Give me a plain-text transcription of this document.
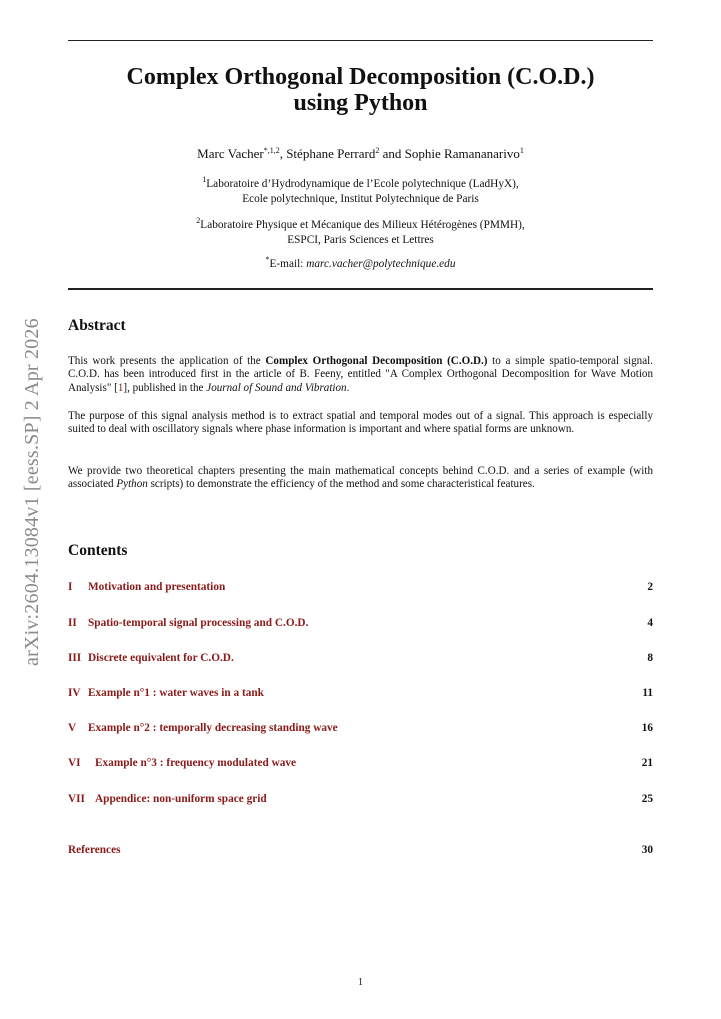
arXiv:2604.13084v1 [eess.SP] 2 Apr 2026
Complex Orthogonal Decomposition (C.O.D.)
using Python
Marc Vacher$^{*,1,2}$, Stéphane Perrard$^2$ and Sophie Ramananarivo$^1$
$^1$Laboratoire d’Hydrodynamique de l’Ecole polytechnique (LadHyX),
Ecole polytechnique, Institut Polytechnique de Paris
$^2$Laboratoire Physique et Mécanique des Milieux Hétérogènes (PMMH),
ESPCI, Paris Sciences et Lettres
*E-mail: marc.vacher@polytechnique.edu
Abstract

This work presents the application of the Complex Orthogonal Decomposition (C.O.D.) to a simple spatio-temporal signal. C.O.D. has been introduced first in the article of B. Feeny, entitled "A Complex Orthogonal Decomposition for Wave Motion Analysis" [1], published in the Journal of Sound and Vibration.

The purpose of this signal analysis method is to extract spatial and temporal modes out of a signal. This approach is especially suited to deal with oscillatory signals where phase information is important and where spatial forms are unknown.

We provide two theoretical chapters presenting the main mathematical concepts behind C.O.D. and a series of example (with associated Python scripts) to demonstrate the efficiency of the method and some characteristical features.

Contents
I Motivation and presentation	2
II Spatio-temporal signal processing and C.O.D.	4
III Discrete equivalent for C.O.D.	8
IV Example n°1 : water waves in a tank	11
V Example n°2 : temporally decreasing standing wave	16
VI Example n°3 : frequency modulated wave	21
VII Appendice: non-uniform space grid	25
References	30
1
